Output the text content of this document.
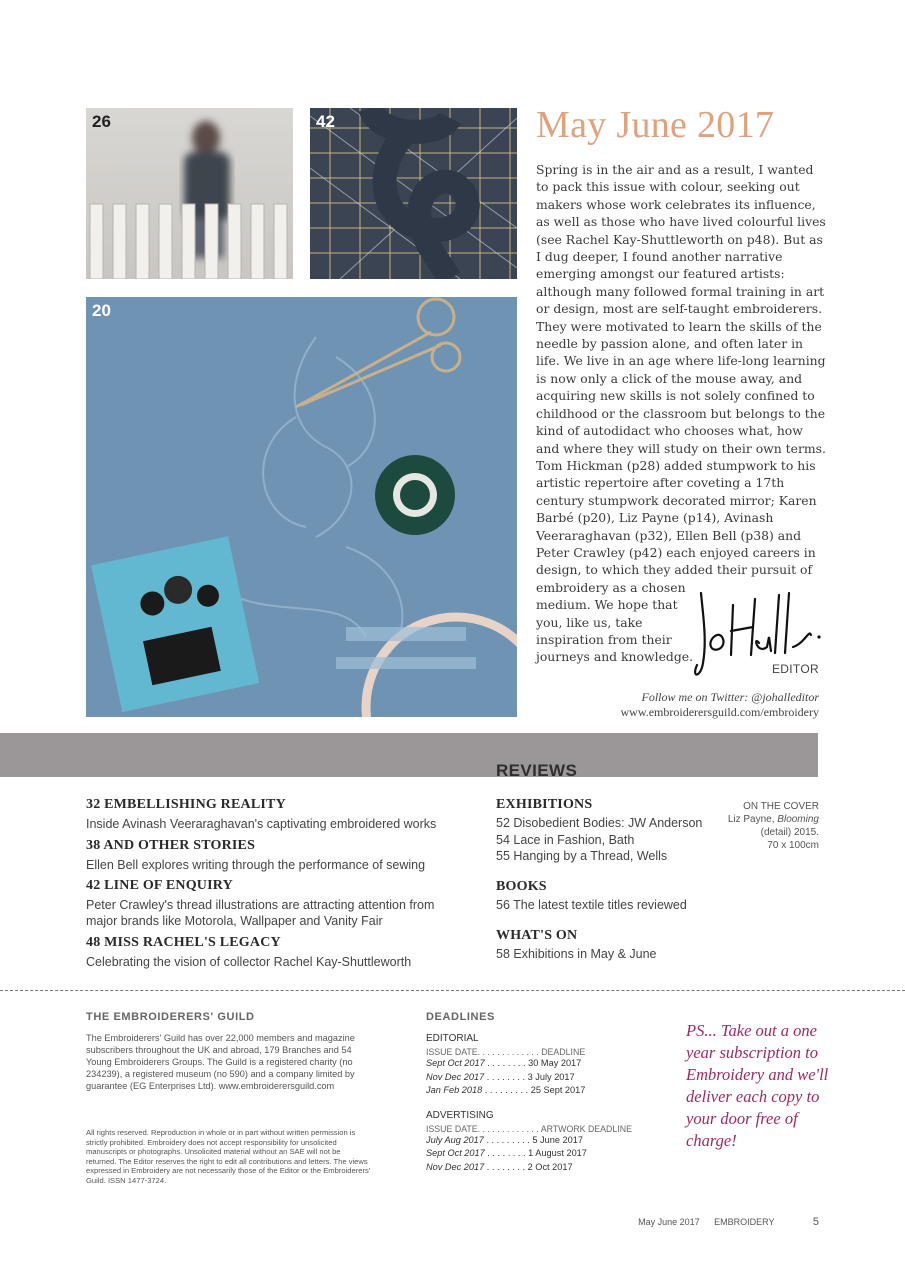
26	42
20
May June 2017

Spring is in the air and as a result, I wanted to pack this issue with colour, seeking out makers whose work celebrates its influence, as well as those who have lived colourful lives (see Rachel Kay-Shuttleworth on p48). But as I dug deeper, I found another narrative emerging amongst our featured artists: although many followed formal training in art or design, most are self-taught embroiderers. They were motivated to learn the skills of the needle by passion alone, and often later in life. We live in an age where life-long learning is now only a click of the mouse away, and acquiring new skills is not solely confined to childhood or the classroom but belongs to the kind of autodidact who chooses what, how and where they will study on their own terms.

Tom Hickman (p28) added stumpwork to his artistic repertoire after coveting a 17th century stumpwork decorated mirror; Karen Barbé (p20), Liz Payne (p14), Avinash Veeraraghavan (p32), Ellen Bell (p38) and Peter Crawley (p42) each enjoyed careers in design, to which they added their pursuit of embroidery as a chosen

medium. We hope that you, like us, take inspiration from their journeys and knowledge.

EDITOR
Follow me on Twitter: @johalleditor
www.embroiderersguild.com/embroidery
REVIEWS
32 EMBELLISHING REALITY
Inside Avinash Veeraraghavan's captivating embroidered works
38 AND OTHER STORIES
Ellen Bell explores writing through the performance of sewing
42 LINE OF ENQUIRY
Peter Crawley's thread illustrations are attracting attention from major brands like Motorola, Wallpaper and Vanity Fair
48 MISS RACHEL'S LEGACY
Celebrating the vision of collector Rachel Kay-Shuttleworth
EXHIBITIONS
52 Disobedient Bodies: JW Anderson
54 Lace in Fashion, Bath
55 Hanging by a Thread, Wells
BOOKS
56 The latest textile titles reviewed
WHAT'S ON
58 Exhibitions in May & June
ON THE COVER
Liz Payne, Blooming
(detail) 2015.
70 x 100cm
THE EMBROIDERERS' GUILD
The Embroiderers' Guild has over 22,000 members and magazine subscribers throughout the UK and abroad, 179 Branches and 54 Young Embroiderers Groups. The Guild is a registered charity (no 234239), a registered museum (no 590) and a company limited by guarantee (EG Enterprises Ltd). www.embroiderersguild.com
All rights reserved. Reproduction in whole or in part without written permission is strictly prohibited. Embroidery does not accept responsibility for unsolicited manuscripts or photographs. Unsolicited material without an SAE will not be returned. The Editor reserves the right to edit all contributions and letters. The views expressed in Embroidery are not necessarily those of the Editor or the Embroiderers' Guild. ISSN 1477-3724.
DEADLINES
EDITORIAL
ISSUE DATE. . . . . . . . . . . . . DEADLINE
Sept Oct 2017 . . . . . . . . 30 May 2017
Nov Dec 2017 . . . . . . . . 3 July 2017
Jan Feb 2018 . . . . . . . . . 25 Sept 2017
ADVERTISING
ISSUE DATE. . . . . . . . . . . . . ARTWORK DEADLINE
July Aug 2017 . . . . . . . . . 5 June 2017
Sept Oct 2017 . . . . . . . . 1 August 2017
Nov Dec 2017 . . . . . . . . 2 Oct 2017
PS... Take out a one year subscription to Embroidery and we'll deliver each copy to your door free of charge!
May June 2017 EMBROIDERY	5
